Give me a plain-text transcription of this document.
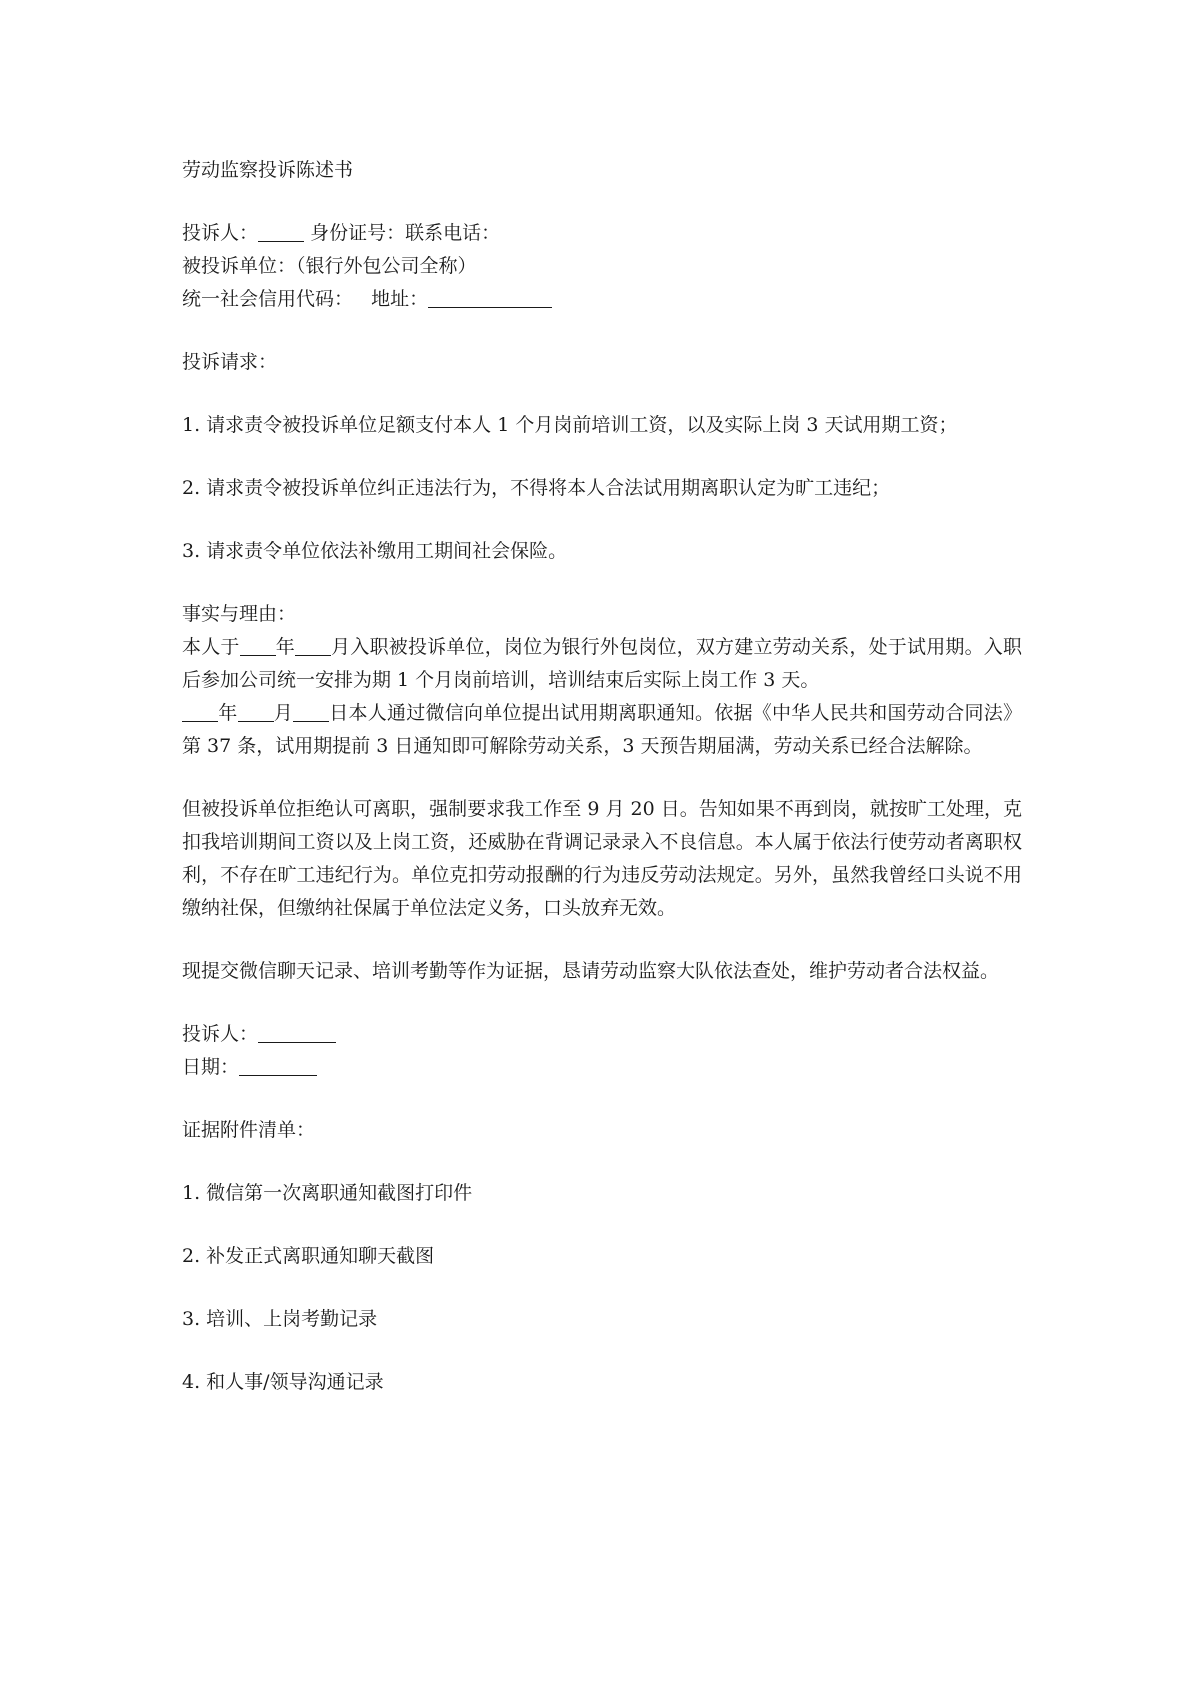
劳动监察投诉陈述书
投诉人：	身份证号：联系电话：
被投诉单位：（银行外包公司全称）
统一社会信用代码： 地址：
投诉请求：
1. 请求责令被投诉单位足额支付本人 1 个月岗前培训工资，以及实际上岗 3 天试用期工资；
2. 请求责令被投诉单位纠正违法行为，不得将本人合法试用期离职认定为旷工违纪；
3. 请求责令单位依法补缴用工期间社会保险。
事实与理由：
本人于 年 月入职被投诉单位，岗位为银行外包岗位，双方建立劳动关系，处于试用期。入职后参加公司统一安排为期 1 个月岗前培训，培训结束后实际上岗工作 3 天。
年 月 日本人通过微信向单位提出试用期离职通知。依据《中华人民共和国劳动合同法》第 37 条，试用期提前 3 日通知即可解除劳动关系，3 天预告期届满，劳动关系已经合法解除。
但被投诉单位拒绝认可离职，强制要求我工作至 9 月 20 日。告知如果不再到岗，就按旷工处理，克扣我培训期间工资以及上岗工资，还威胁在背调记录录入不良信息。本人属于依法行使劳动者离职权利，不存在旷工违纪行为。单位克扣劳动报酬的行为违反劳动法规定。另外，虽然我曾经口头说不用缴纳社保，但缴纳社保属于单位法定义务，口头放弃无效。
现提交微信聊天记录、培训考勤等作为证据，恳请劳动监察大队依法查处，维护劳动者合法权益。
投诉人：
日期：
证据附件清单：
1. 微信第一次离职通知截图打印件
2. 补发正式离职通知聊天截图
3. 培训、上岗考勤记录
4. 和人事/领导沟通记录
